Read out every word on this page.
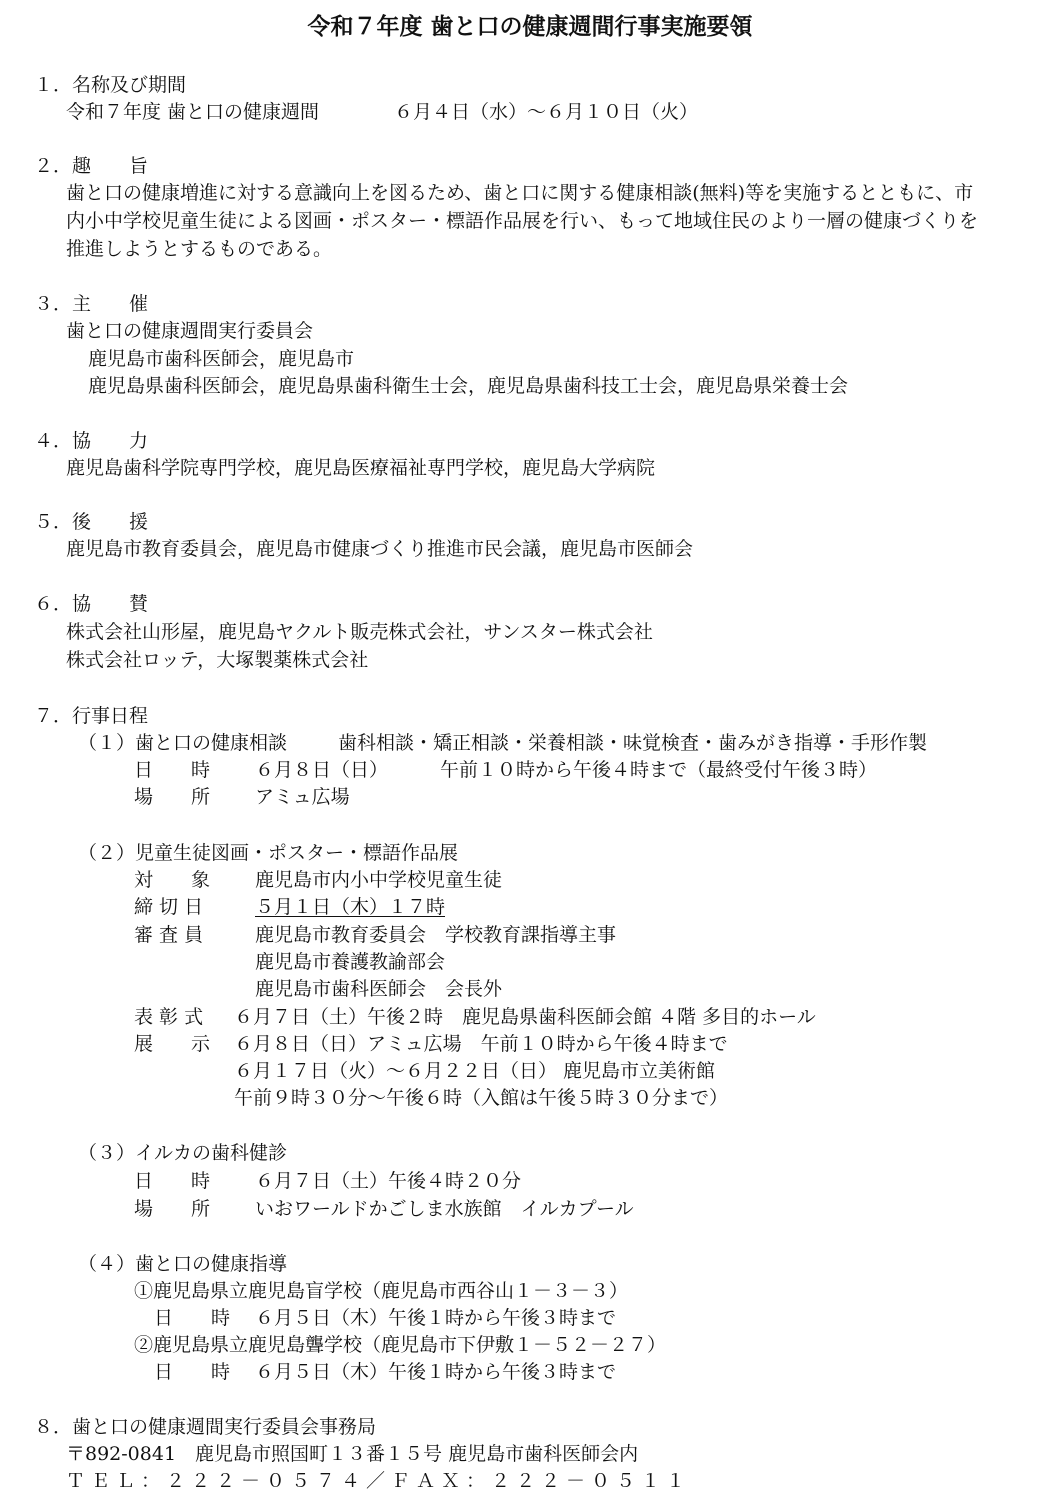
令和７年度 歯と口の健康週間行事実施要領
１．名称及び期間
令和７年度 歯と口の健康週間	６月４日（水）～６月１０日（火）
２．趣　　旨
歯と口の健康増進に対する意識向上を図るため、歯と口に関する健康相談(無料)等を実施するとともに、市
内小中学校児童生徒による図画・ポスター・標語作品展を行い、もって地域住民のより一層の健康づくりを
推進しようとするものである。
３．主　　催
歯と口の健康週間実行委員会
鹿児島市歯科医師会，鹿児島市
鹿児島県歯科医師会，鹿児島県歯科衛生士会，鹿児島県歯科技工士会，鹿児島県栄養士会
４．協　　力
鹿児島歯科学院専門学校，鹿児島医療福祉専門学校，鹿児島大学病院
５．後　　援
鹿児島市教育委員会，鹿児島市健康づくり推進市民会議，鹿児島市医師会
６．協　　賛
株式会社山形屋，鹿児島ヤクルト販売株式会社，サンスター株式会社
株式会社ロッテ，大塚製薬株式会社
７．行事日程
（１）歯と口の健康相談	歯科相談・矯正相談・栄養相談・味覚検査・歯みがき指導・手形作製
日　　時 ６月８日（日）	午前１０時から午後４時まで（最終受付午後３時）
場　　所 アミュ広場
（２）児童生徒図画・ポスター・標語作品展
対　　象 鹿児島市内小中学校児童生徒
締 切 日	５月１日（木）１７時
審 査 員	鹿児島市教育委員会　学校教育課指導主事
鹿児島市養護教諭部会
鹿児島市歯科医師会　会長外
表 彰 式 ６月７日（土）午後２時　鹿児島県歯科医師会館 ４階 多目的ホール
展　　示 ６月８日（日）アミュ広場　午前１０時から午後４時まで
６月１７日（火）～６月２２日（日） 鹿児島市立美術館
午前９時３０分～午後６時（入館は午後５時３０分まで）
（３）イルカの歯科健診
日　　時 ６月７日（土）午後４時２０分
場　　所 いおワールドかごしま水族館　イルカプール
（４）歯と口の健康指導
①鹿児島県立鹿児島盲学校（鹿児島市西谷山１－３－３）
日　　時 ６月５日（木）午後１時から午後３時まで
②鹿児島県立鹿児島聾学校（鹿児島市下伊敷１－５２－２７）
日　　時 ６月５日（木）午後１時から午後３時まで
８．歯と口の健康週間実行委員会事務局
〒892-0841　鹿児島市照国町１３番１５号 鹿児島市歯科医師会内
ＴＥＬ：２２２－０５７４／ＦＡＸ：２２２－０５１１
